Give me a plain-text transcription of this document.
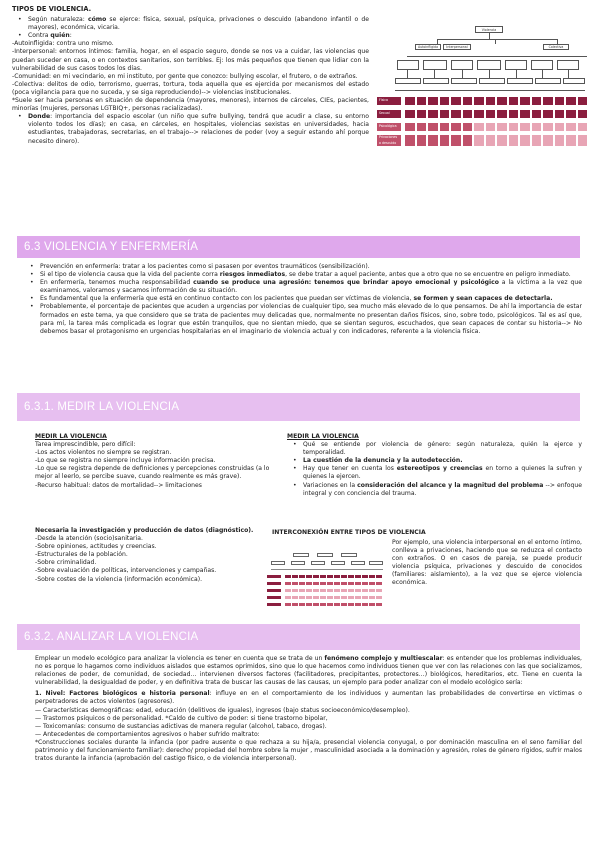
TIPOS DE VIOLENCIA.
• Según naturaleza: cómo se ejerce: física, sexual, psíquica, privaciones o descuido (abandono infantil o de mayores), económica, vicaria.
• Contra quién:
-Autoinfligida: contra uno mismo.
-Interpersonal: entornos íntimos: familia, hogar, en el espacio seguro, donde se nos va a cuidar, las violencias que puedan suceder en casa, o en contextos sanitarios, son terribles. Ej: los más pequeños que tienen que lidiar con la vulnerabilidad de sus casos todos los días.
-Comunidad: en mi vecindario, en mi instituto, por gente que conozco: bullying escolar, el frutero, o de extraños.
-Colectiva: delitos de odio, terrorismo, guerras, tortura, toda aquella que es ejercida por mecanismos del estado (poca vigilancia para que no suceda, y se siga reproduciendo)--> violencias institucionales.
*Suele ser hacia personas en situación de dependencia (mayores, menores), internos de cárceles, CIEs, pacientes, minorías (mujeres, personas LGTBIQ+, personas racializadas).
• Donde: importancia del espacio escolar (un niño que sufre bullying, tendrá que acudir a clase, su entorno violento todos los días); en casa, en cárceles, en hospitales, violencias sexistas en universidades, hacia estudiantes, trabajadoras, secretarias, en el trabajo--> relaciones de poder (voy a seguir estando ahí porque necesito dinero).
Violencia
Autoinfligida	Interpersonal	Colectiva
Física
Sexual
Psicológica
Privaciones
o descuido
6.3 VIOLENCIA Y ENFERMERÍA
• Prevención en enfermería: tratar a los pacientes como si pasasen por eventos traumáticos (sensibilización).
• Si el tipo de violencia causa que la vida del paciente corra riesgos inmediatos, se debe tratar a aquel paciente, antes que a otro que no se encuentre en peligro inmediato.
• En enfermería, tenemos mucha responsabilidad cuando se produce una agresión: tenemos que brindar apoyo emocional y psicológico a la víctima a la vez que examinamos, valoramos y sacamos información de su situación.
• Es fundamental que la enfermería que está en continuo contacto con los pacientes que puedan ser víctimas de violencia, se formen y sean capaces de detectarla.
• Probablemente, el porcentaje de pacientes que acuden a urgencias por violencias de cualquier tipo, sea mucho más elevado de lo que pensamos. De ahí la importancia de estar formados en este tema, ya que considero que se trata de pacientes muy delicadas que, normalmente no presentan daños físicos, sino, sobre todo, psicológicos. Tal es así que, para mí, la tarea más complicada es lograr que estén tranquilos, que no sientan miedo, que se sientan seguros, escuchados, que sean capaces de contar su historia--> No debemos basar el protagonismo en urgencias hospitalarias en el imaginario de violencia actual y con indicadores, referente a la violencia física.
6.3.1. MEDIR LA VIOLENCIA
MEDIR LA VIOLENCIA
Tarea imprescindible, pero difícil:
-Los actos violentos no siempre se registran.
-Lo que se registra no siempre incluye información precisa.
-Lo que se registra depende de definiciones y percepciones construidas (a lo mejor al leerlo, se percibe suave, cuando realmente es más grave).
-Recurso habitual: datos de mortalidad--> limitaciones
MEDIR LA VIOLENCIA
• Qué se entiende por violencia de género: según naturaleza, quién la ejerce y temporalidad.
• La cuestión de la denuncia y la autodetección.
• Hay que tener en cuenta los estereotipos y creencias en torno a quienes la sufren y quienes la ejercen.
• Variaciones en la consideración del alcance y la magnitud del problema --> enfoque integral y con conciencia del trauma.
Necesaria la investigación y producción de datos (diagnóstico).
-Desde la atención (socio)sanitaria.
-Sobre opiniones, actitudes y creencias.
-Estructurales de la población.
-Sobre criminalidad.
-Sobre evaluación de políticas, intervenciones y campañas.
-Sobre costes de la violencia (información económica).
INTERCONEXIÓN ENTRE TIPOS DE VIOLENCIA
Por ejemplo, una violencia interpersonal en el entorno íntimo, conlleva a privaciones, haciendo que se reduzca el contacto con extraños. O en casos de pareja, se puede producir violencia psíquica, privaciones y descuido de conocidos (familiares: aislamiento), a la vez que se ejerce violencia económica.
6.3.2. ANALIZAR LA VIOLENCIA
Emplear un modelo ecológico para analizar la violencia es tener en cuenta que se trata de un fenómeno complejo y multiescalar: es entender que los problemas individuales, no es porque lo hagamos como individuos aislados que estamos oprimidos, sino que lo que hacemos como individuos tienen que ver con las relaciones con las que socializamos, relaciones de poder, de comunidad, de sociedad… intervienen diversos factores (facilitadores, precipitantes, protectores…) biológicos, hereditarios, etc. Tiene en cuenta la vulnerabilidad, la desigualdad de poder, y en definitiva trata de buscar las causas de las causas, un ejemplo para poder analizar con el modelo ecológico sería:
1. Nivel: Factores biológicos e historia personal: influye en en el comportamiento de los individuos y aumentan las probabilidades de convertirse en víctimas o perpetradores de actos violentos (agresores).
— Características demográficas: edad, educación (delitivos de iguales), ingresos (bajo status socioeconómico/desempleo).
— Trastornos psíquicos o de personalidad. *Caldo de cultivo de poder: si tiene trastorno bipolar,
— Toxicomanías: consumo de sustancias adictivas de manera regular (alcohol, tabaco, drogas).
— Antecedentes de comportamientos agresivos o haber sufrido maltrato:
*Construcciones sociales durante la infancia (por padre ausente o que rechaza a su hija/a, presencial violencia conyugal, o por dominación masculina en el seno familiar del patrimonio y del funcionamiento familiar): derecho/ propiedad del hombre sobre la mujer , masculinidad asociada a la dominación y agresión, roles de género rígidos, sufrir malos tratos durante la infancia (aprobación del castigo físico, o de violencia interpersonal).
